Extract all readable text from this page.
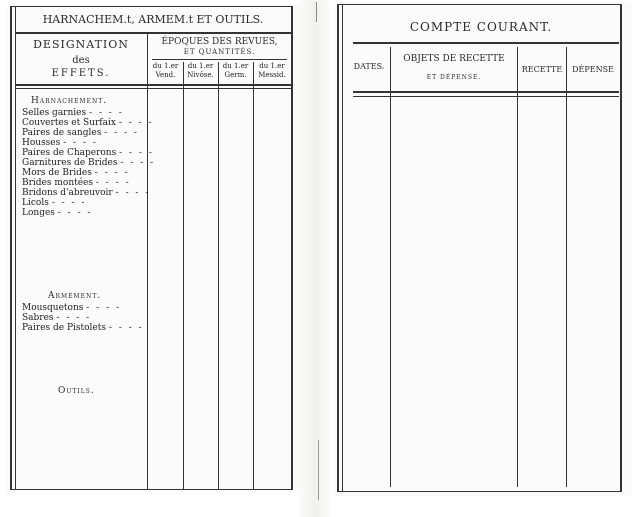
HARNACHEM.t, ARMEM.t ET OUTILS.
DESIGNATION
des
EFFETS.
ÉPOQUES DES REVUES,
ET QUANTITÉS.
du 1.er
Vend.
du 1.er
Nivôse.
du 1.er
Germ.
du 1.er
Messid.
Harnachement.
Selles garnies - - - -
Couvertes et Surfaix - - - -
Paires de sangles - - - -
Housses - - - -
Paires de Chaperons - - - -
Garnitures de Brides - - - -
Mors de Brides - - - -
Brides montées - - - -
Bridons d'abreuvoir - - - -
Licols - - - -
Longes - - - -
Armement.
Mousquetons - - - -
Sabres - - - -
Paires de Pistolets - - - -
Outils.
COMPTE COURANT.
DATES.
OBJETS DE RECETTE
ET DÉPENSE.
RECETTE	DÉPENSE
